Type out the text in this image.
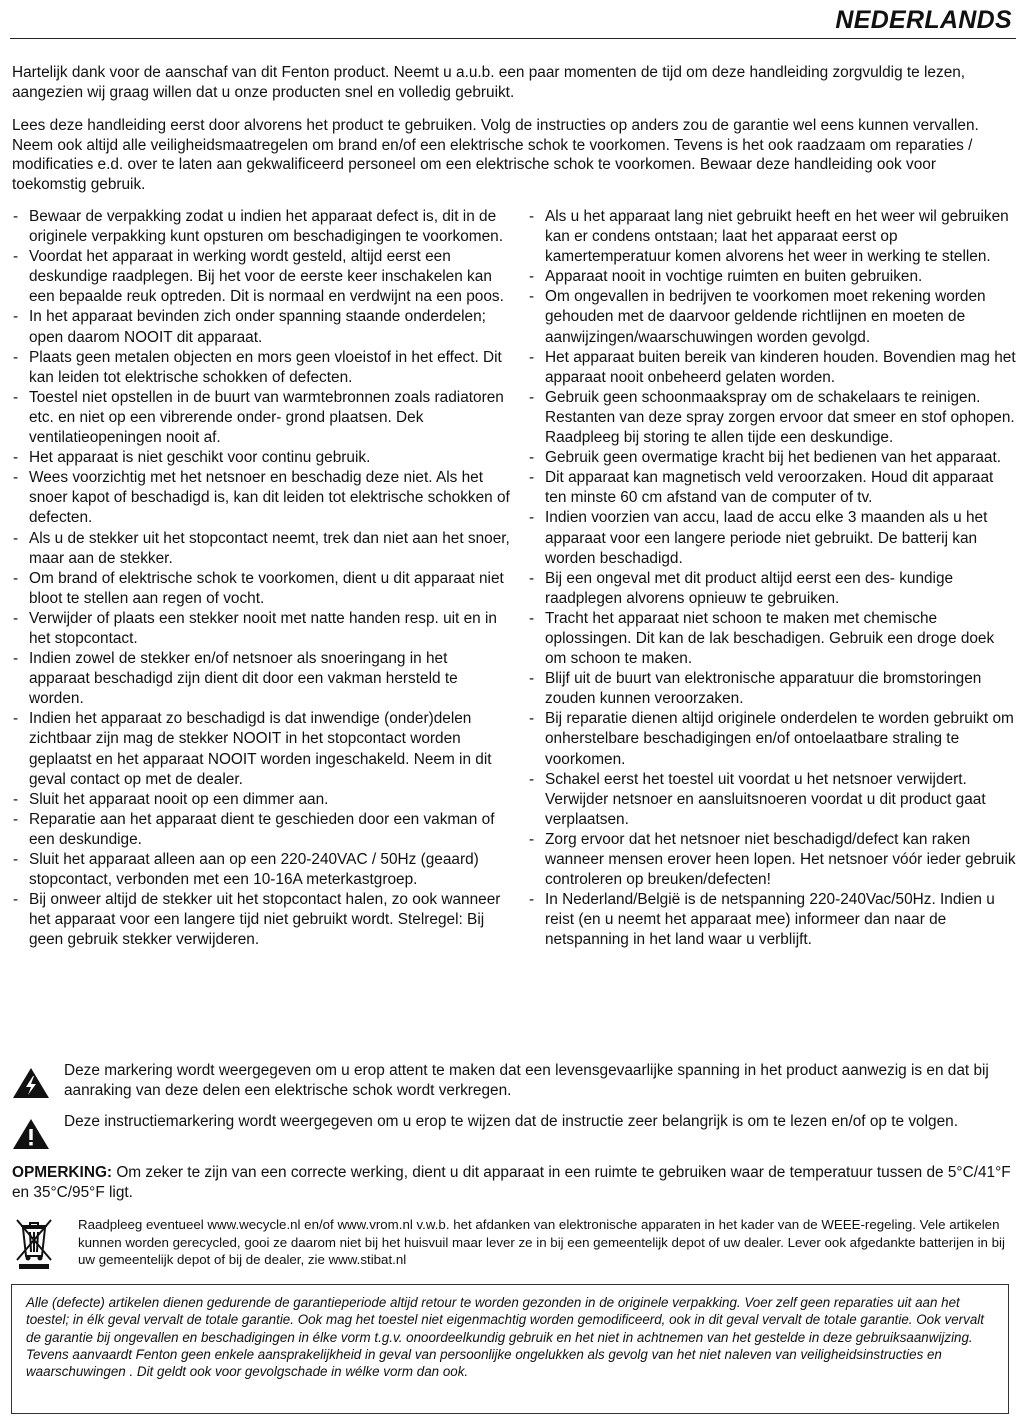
NEDERLANDS

Hartelijk dank voor de aanschaf van dit Fenton product. Neemt u a.u.b. een paar momenten de tijd om deze handleiding zorgvuldig te lezen, aangezien wij graag willen dat u onze producten snel en volledig gebruikt.

Lees deze handleiding eerst door alvorens het product te gebruiken. Volg de instructies op anders zou de garantie wel eens kunnen vervallen. Neem ook altijd alle veiligheidsmaatregelen om brand en/of een elektrische schok te voorkomen. Tevens is het ook raadzaam om reparaties / modificaties e.d. over te laten aan gekwalificeerd personeel om een elektrische schok te voorkomen. Bewaar deze handleiding ook voor toekomstig gebruik.

- Bewaar de verpakking zodat u indien het apparaat defect is, dit in de originele verpakking kunt opsturen om beschadigingen te voorkomen.
- Voordat het apparaat in werking wordt gesteld, altijd eerst een deskundige raadplegen. Bij het voor de eerste keer inschakelen kan een bepaalde reuk optreden. Dit is normaal en verdwijnt na een poos.
- In het apparaat bevinden zich onder spanning staande onderdelen; open daarom NOOIT dit apparaat.
- Plaats geen metalen objecten en mors geen vloeistof in het effect. Dit kan leiden tot elektrische schokken of defecten.
- Toestel niet opstellen in de buurt van warmtebronnen zoals radiatoren etc. en niet op een vibrerende onder- grond plaatsen. Dek ventilatieopeningen nooit af.
- Het apparaat is niet geschikt voor continu gebruik.
- Wees voorzichtig met het netsnoer en beschadig deze niet. Als het snoer kapot of beschadigd is, kan dit leiden tot elektrische schokken of defecten.
- Als u de stekker uit het stopcontact neemt, trek dan niet aan het snoer, maar aan de stekker.
- Om brand of elektrische schok te voorkomen, dient u dit apparaat niet bloot te stellen aan regen of vocht.
- Verwijder of plaats een stekker nooit met natte handen resp. uit en in het stopcontact.
- Indien zowel de stekker en/of netsnoer als snoeringang in het apparaat beschadigd zijn dient dit door een vakman hersteld te worden.
- Indien het apparaat zo beschadigd is dat inwendige (onder)delen zichtbaar zijn mag de stekker NOOIT in het stopcontact worden geplaatst en het apparaat NOOIT worden ingeschakeld. Neem in dit geval contact op met de dealer.
- Sluit het apparaat nooit op een dimmer aan.
- Reparatie aan het apparaat dient te geschieden door een vakman of een deskundige.
- Sluit het apparaat alleen aan op een 220-240VAC / 50Hz (geaard) stopcontact, verbonden met een 10-16A meterkastgroep.
- Bij onweer altijd de stekker uit het stopcontact halen, zo ook wanneer het apparaat voor een langere tijd niet gebruikt wordt. Stelregel: Bij geen gebruik stekker verwijderen.
- Als u het apparaat lang niet gebruikt heeft en het weer wil gebruiken kan er condens ontstaan; laat het apparaat eerst op kamertemperatuur komen alvorens het weer in werking te stellen.
- Apparaat nooit in vochtige ruimten en buiten gebruiken.
- Om ongevallen in bedrijven te voorkomen moet rekening worden gehouden met de daarvoor geldende richtlijnen en moeten de aanwijzingen/waarschuwingen worden gevolgd.
- Het apparaat buiten bereik van kinderen houden. Bovendien mag het apparaat nooit onbeheerd gelaten worden.
- Gebruik geen schoonmaakspray om de schakelaars te reinigen. Restanten van deze spray zorgen ervoor dat smeer en stof ophopen. Raadpleeg bij storing te allen tijde een deskundige.
- Gebruik geen overmatige kracht bij het bedienen van het apparaat.
- Dit apparaat kan magnetisch veld veroorzaken. Houd dit apparaat ten minste 60 cm afstand van de computer of tv.
- Indien voorzien van accu, laad de accu elke 3 maanden als u het apparaat voor een langere periode niet gebruikt. De batterij kan worden beschadigd.
- Bij een ongeval met dit product altijd eerst een des- kundige raadplegen alvorens opnieuw te gebruiken.
- Tracht het apparaat niet schoon te maken met chemische oplossingen. Dit kan de lak beschadigen. Gebruik een droge doek om schoon te maken.
- Blijf uit de buurt van elektronische apparatuur die bromstoringen zouden kunnen veroorzaken.
- Bij reparatie dienen altijd originele onderdelen te worden gebruikt om onherstelbare beschadigingen en/of ontoelaatbare straling te voorkomen.
- Schakel eerst het toestel uit voordat u het netsnoer verwijdert. Verwijder netsnoer en aansluitsnoeren voordat u dit product gaat verplaatsen.
- Zorg ervoor dat het netsnoer niet beschadigd/defect kan raken wanneer mensen erover heen lopen. Het netsnoer vóór ieder gebruik controleren op breuken/defecten!
- In Nederland/België is de netspanning 220-240Vac/50Hz. Indien u reist (en u neemt het apparaat mee) informeer dan naar de netspanning in het land waar u verblijft.
Deze markering wordt weergegeven om u erop attent te maken dat een levensgevaarlijke spanning in het product aanwezig is en dat bij aanraking van deze delen een elektrische schok wordt verkregen.
Deze instructiemarkering wordt weergegeven om u erop te wijzen dat de instructie zeer belangrijk is om te lezen en/of op te volgen.
OPMERKING: Om zeker te zijn van een correcte werking, dient u dit apparaat in een ruimte te gebruiken waar de temperatuur tussen de 5°C/41°F en 35°C/95°F ligt.
Raadpleeg eventueel www.wecycle.nl en/of www.vrom.nl v.w.b. het afdanken van elektronische apparaten in het kader van de WEEE-regeling. Vele artikelen kunnen worden gerecycled, gooi ze daarom niet bij het huisvuil maar lever ze in bij een gemeentelijk depot of uw dealer. Lever ook afgedankte batterijen in bij uw gemeentelijk depot of bij de dealer, zie www.stibat.nl
Alle (defecte) artikelen dienen gedurende de garantieperiode altijd retour te worden gezonden in de originele verpakking. Voer zelf geen reparaties uit aan het toestel; in élk geval vervalt de totale garantie. Ook mag het toestel niet eigenmachtig worden gemodificeerd, ook in dit geval vervalt de totale garantie. Ook vervalt de garantie bij ongevallen en beschadigingen in élke vorm t.g.v. onoordeelkundig gebruik en het niet in achtnemen van het gestelde in deze gebruiksaanwijzing. Tevens aanvaardt Fenton geen enkele aansprakelijkheid in geval van persoonlijke ongelukken als gevolg van het niet naleven van veiligheidsinstructies en waarschuwingen . Dit geldt ook voor gevolgschade in wélke vorm dan ook.
